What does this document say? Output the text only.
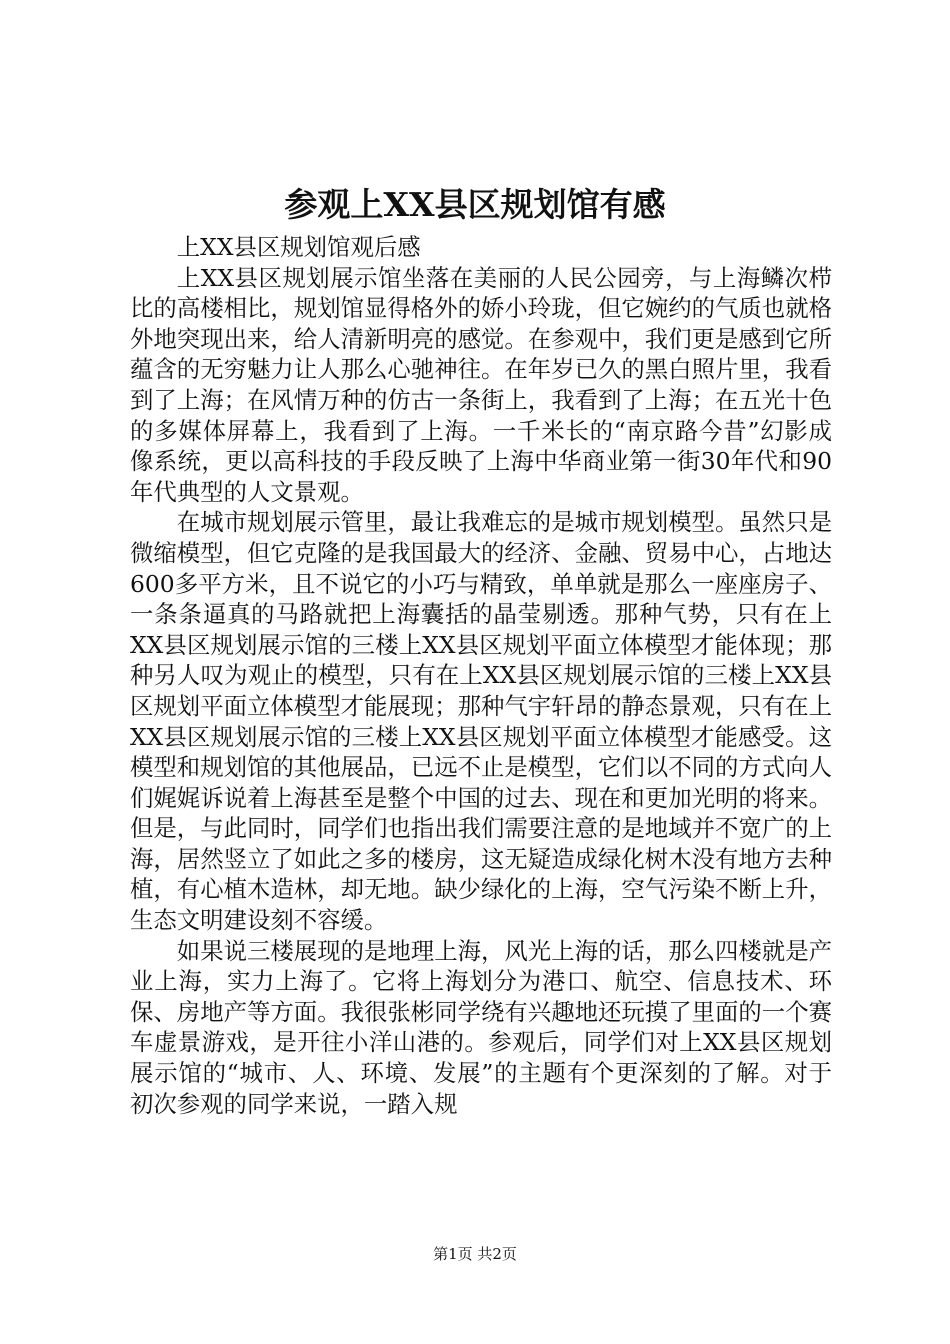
参观上XX县区规划馆有感

上XX县区规划馆观后感

上XX县区规划展示馆坐落在美丽的人民公园旁，与上海鳞次栉比的高楼相比，规划馆显得格外的娇小玲珑，但它婉约的气质也就格外地突现出来，给人清新明亮的感觉。在参观中，我们更是感到它所蕴含的无穷魅力让人那么心驰神往。在年岁已久的黑白照片里，我看到了上海；在风情万种的仿古一条街上，我看到了上海；在五光十色的多媒体屏幕上，我看到了上海。一千米长的“南京路今昔”幻影成像系统，更以高科技的手段反映了上海中华商业第一街30年代和90年代典型的人文景观。

在城市规划展示管里，最让我难忘的是城市规划模型。虽然只是微缩模型，但它克隆的是我国最大的经济、金融、贸易中心，占地达600多平方米，且不说它的小巧与精致，单单就是那么一座座房子、一条条逼真的马路就把上海囊括的晶莹剔透。那种气势，只有在上XX县区规划展示馆的三楼上XX县区规划平面立体模型才能体现；那种另人叹为观止的模型，只有在上XX县区规划展示馆的三楼上XX县区规划平面立体模型才能展现；那种气宇轩昂的静态景观，只有在上XX县区规划展示馆的三楼上XX县区规划平面立体模型才能感受。这模型和规划馆的其他展品，已远不止是模型，它们以不同的方式向人们娓娓诉说着上海甚至是整个中国的过去、现在和更加光明的将来。但是，与此同时，同学们也指出我们需要注意的是地域并不宽广的上海，居然竖立了如此之多的楼房，这无疑造成绿化树木没有地方去种植，有心植木造林，却无地。缺少绿化的上海，空气污染不断上升，生态文明建设刻不容缓。

如果说三楼展现的是地理上海，风光上海的话，那么四楼就是产业上海，实力上海了。它将上海划分为港口、航空、信息技术、环保、房地产等方面。我很张彬同学绕有兴趣地还玩摸了里面的一个赛车虚景游戏，是开往小洋山港的。参观后，同学们对上XX县区规划展示馆的“城市、人、环境、发展”的主题有个更深刻的了解。对于初次参观的同学来说，一踏入规

第1页 共2页
